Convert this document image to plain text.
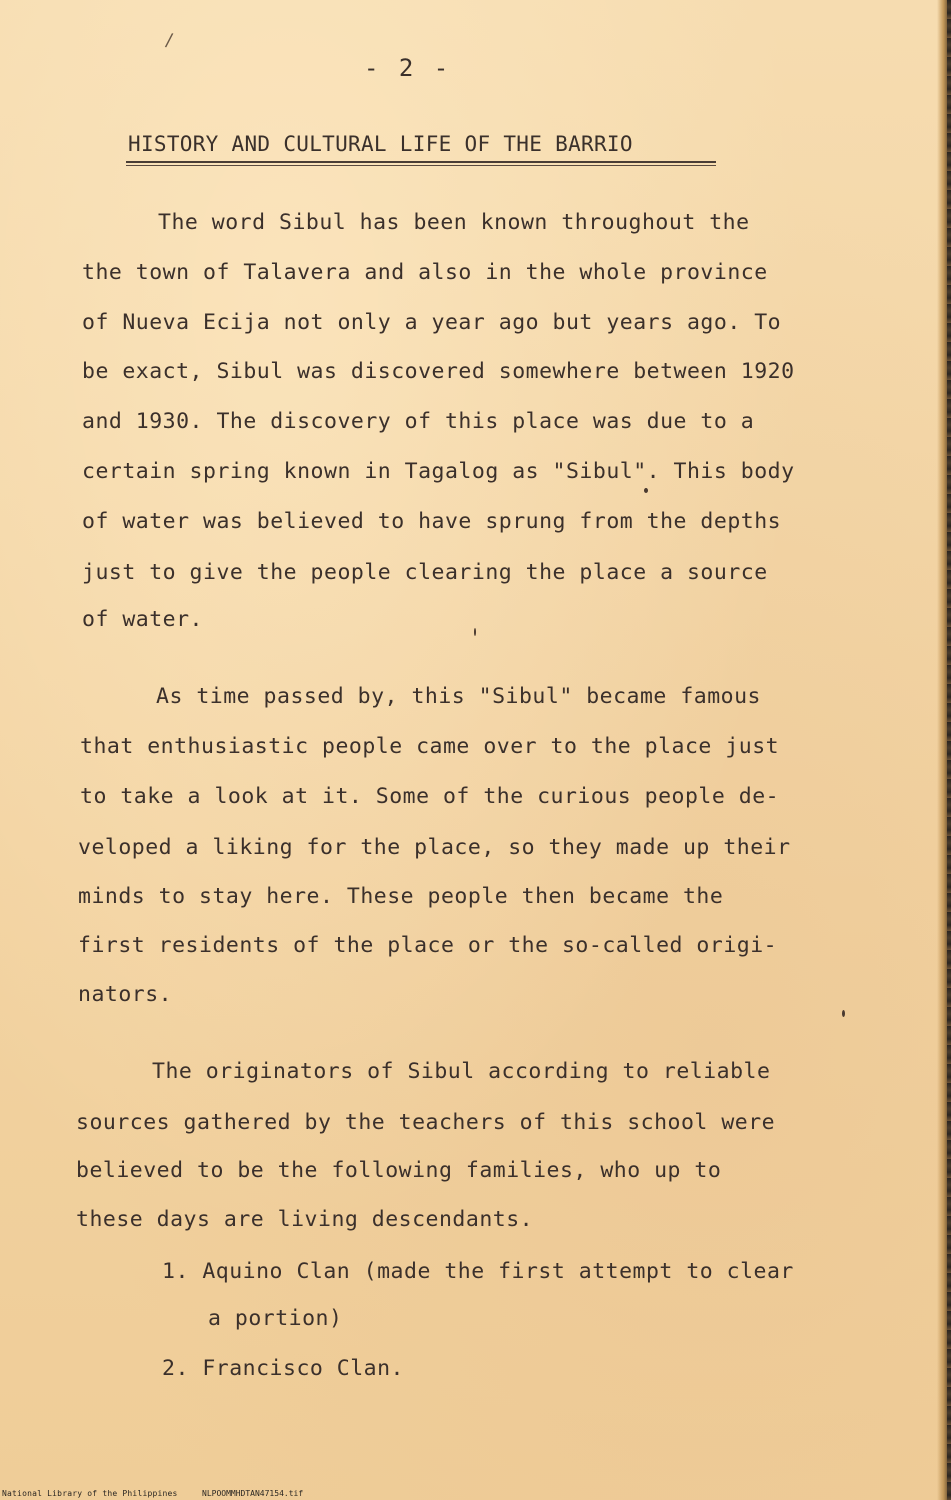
/
- 2 -
HISTORY AND CULTURAL LIFE OF THE BARRIO
The word Sibul has been known throughout the
the town of Talavera and also in the whole province
of Nueva Ecija not only a year ago but years ago. To
be exact, Sibul was discovered somewhere between 1920
and 1930. The discovery of this place was due to a
certain spring known in Tagalog as "Sibul". This body
of water was believed to have sprung from the depths
just to give the people clearing the place a source
of water.
As time passed by, this "Sibul" became famous
that enthusiastic people came over to the place just
to take a look at it. Some of the curious people de-
veloped a liking for the place, so they made up their
minds to stay here. These people then became the
first residents of the place or the so-called origi-
nators.
The originators of Sibul according to reliable
sources gathered by the teachers of this school were
believed to be the following families, who up to
these days are living descendants.
1. Aquino Clan (made the first attempt to clear
a portion)
2. Francisco Clan.
National Library of the Philippines	NLPOOMMHDTAN47154.tif
